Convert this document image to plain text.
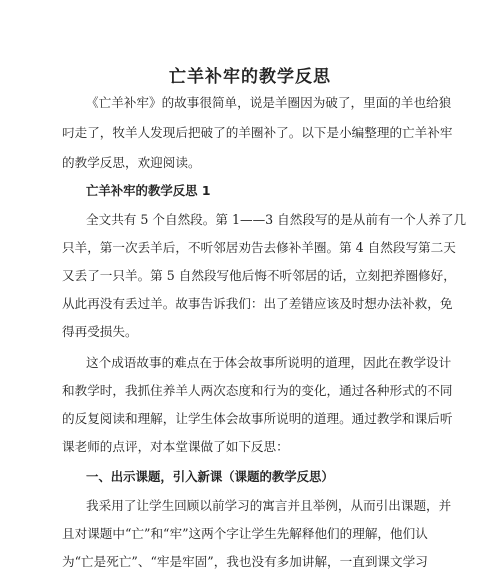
亡羊补牢的教学反思
《亡羊补牢》的故事很简单，说是羊圈因为破了，里面的羊也给狼
叼走了，牧羊人发现后把破了的羊圈补了。以下是小编整理的亡羊补牢
的教学反思，欢迎阅读。
亡羊补牢的教学反思 1
全文共有 5 个自然段。第 1——3 自然段写的是从前有一个人养了几
只羊，第一次丢羊后，不听邻居劝告去修补羊圈。第 4 自然段写第二天
又丢了一只羊。第 5 自然段写他后悔不听邻居的话，立刻把养圈修好，
从此再没有丢过羊。故事告诉我们：出了差错应该及时想办法补救，免
得再受损失。
这个成语故事的难点在于体会故事所说明的道理，因此在教学设计
和教学时，我抓住养羊人两次态度和行为的变化，通过各种形式的不同
的反复阅读和理解，让学生体会故事所说明的道理。通过教学和课后听
课老师的点评，对本堂课做了如下反思：
一、出示课题，引入新课（课题的教学反思）
我采用了让学生回顾以前学习的寓言并且举例，从而引出课题，并
且对课题中“亡”和“牢”这两个字让学生先解释他们的理解，他们认
为“亡是死亡”、“牢是牢固”，我也没有多加讲解，一直到课文学习
